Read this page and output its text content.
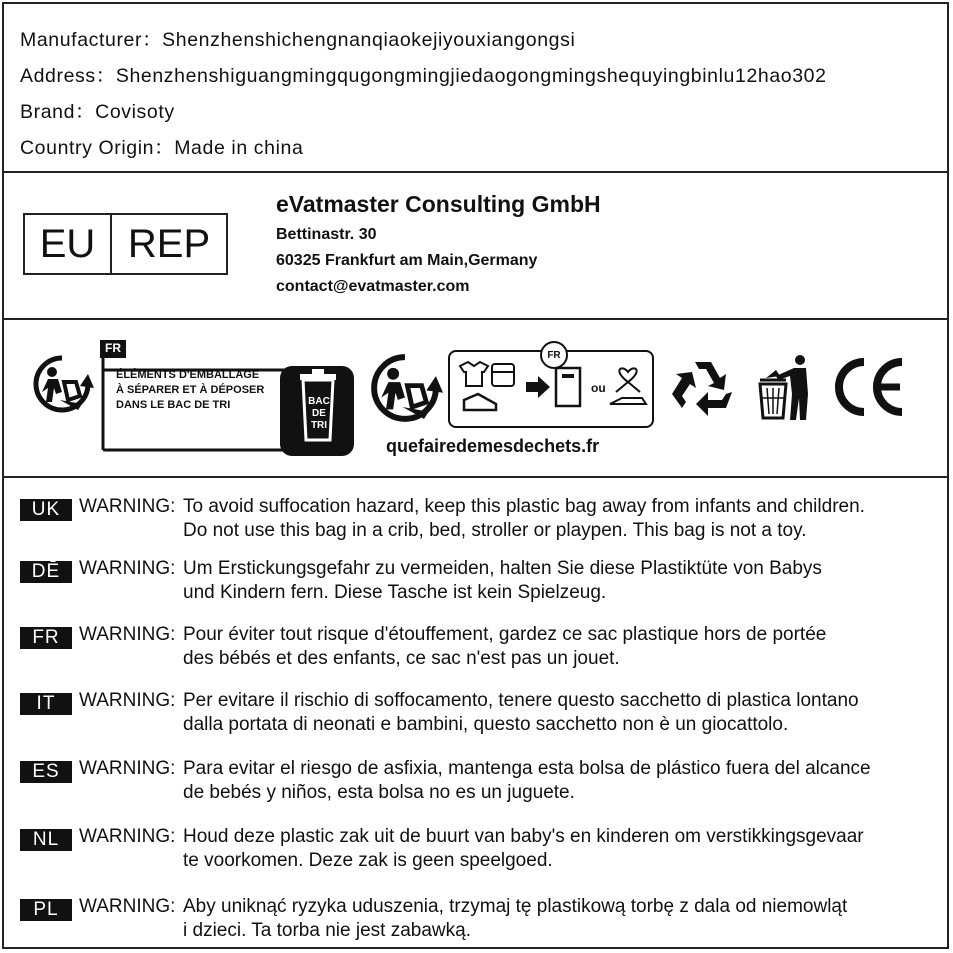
Manufacturer：Shenzhenshichengnanqiaokejiyouxiangongsi
Address：Shenzhenshiguangmingqugongmingjiedaogongmingshequyingbinlu12hao302
Brand：Covisoty
Country Origin：Made in china
EU REP
eVatmaster Consulting GmbH
Bettinastr. 30
60325 Frankfurt am Main,Germany
contact@evatmaster.com
FR
ÉLÉMENTS D'EMBALLAGE
À SÉPARER ET À DÉPOSER
DANS LE BAC DE TRI	BAC
DE
TRI
FR
ou
quefairedemesdechets.fr
UK WARNING: To avoid suffocation hazard, keep this plastic bag away from infants and children.
Do not use this bag in a crib, bed, stroller or playpen. This bag is not a toy.
DĒ WARNING: Um Erstickungsgefahr zu vermeiden, halten Sie diese Plastiktüte von Babys
und Kindern fern. Diese Tasche ist kein Spielzeug.
FR	WARNING: Pour éviter tout risque d'étouffement, gardez ce sac plastique hors de portée
des bébés et des enfants, ce sac n'est pas un jouet.
IT	WARNING: Per evitare il rischio di soffocamento, tenere questo sacchetto di plastica lontano
dalla portata di neonati e bambini, questo sacchetto non è un giocattolo.
ES	WARNING: Para evitar el riesgo de asfixia, mantenga esta bolsa de plástico fuera del alcance
de bebés y niños, esta bolsa no es un juguete.
NL	WARNING: Houd deze plastic zak uit de buurt van baby's en kinderen om verstikkingsgevaar
te voorkomen. Deze zak is geen speelgoed.
PL	WARNING: Aby uniknąć ryzyka uduszenia, trzymaj tę plastikową torbę z dala od niemowląt
i dzieci. Ta torba nie jest zabawką.
